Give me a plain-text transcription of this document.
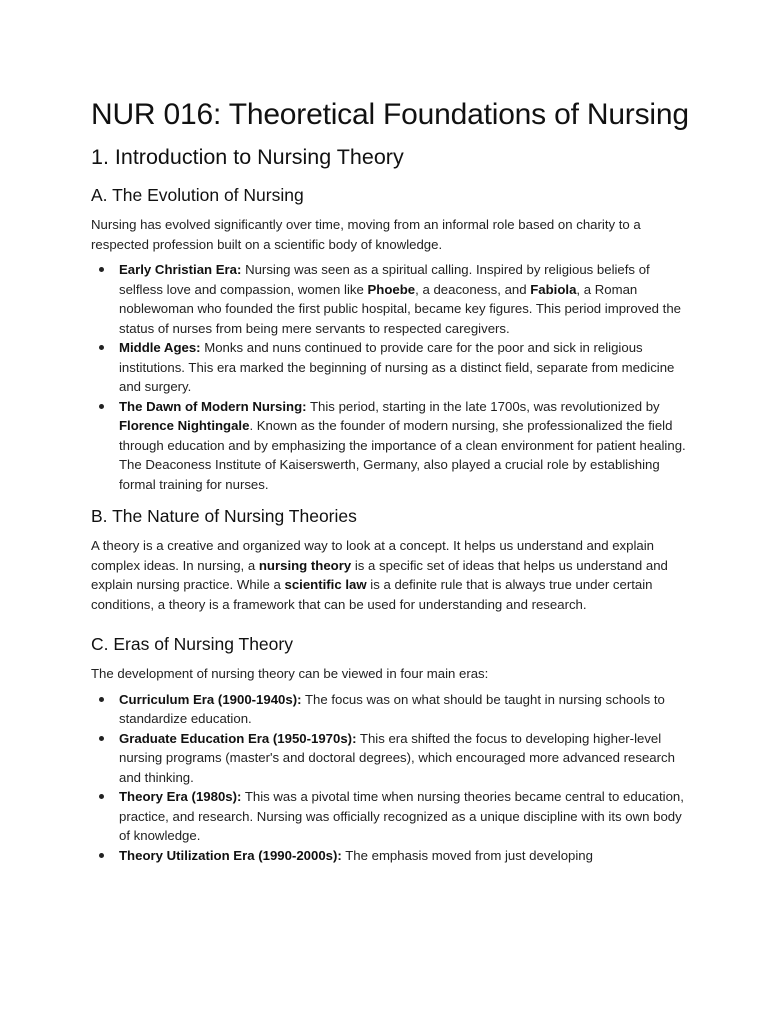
NUR 016: Theoretical Foundations of Nursing
1. Introduction to Nursing Theory
A. The Evolution of Nursing

Nursing has evolved significantly over time, moving from an informal role based on charity to a respected profession built on a scientific body of knowledge.

Early Christian Era: Nursing was seen as a spiritual calling. Inspired by religious beliefs of selfless love and compassion, women like Phoebe, a deaconess, and Fabiola, a Roman noblewoman who founded the first public hospital, became key figures. This period improved the status of nurses from being mere servants to respected caregivers.
Middle Ages: Monks and nuns continued to provide care for the poor and sick in religious institutions. This era marked the beginning of nursing as a distinct field, separate from medicine and surgery.
The Dawn of Modern Nursing: This period, starting in the late 1700s, was revolutionized by Florence Nightingale. Known as the founder of modern nursing, she professionalized the field through education and by emphasizing the importance of a clean environment for patient healing. The Deaconess Institute of Kaiserswerth, Germany, also played a crucial role by establishing formal training for nurses.
B. The Nature of Nursing Theories

A theory is a creative and organized way to look at a concept. It helps us understand and explain complex ideas. In nursing, a nursing theory is a specific set of ideas that helps us understand and explain nursing practice. While a scientific law is a definite rule that is always true under certain conditions, a theory is a framework that can be used for understanding and research.

C. Eras of Nursing Theory

The development of nursing theory can be viewed in four main eras:

Curriculum Era (1900-1940s): The focus was on what should be taught in nursing schools to standardize education.
Graduate Education Era (1950-1970s): This era shifted the focus to developing higher-level nursing programs (master's and doctoral degrees), which encouraged more advanced research and thinking.
Theory Era (1980s): This was a pivotal time when nursing theories became central to education, practice, and research. Nursing was officially recognized as a unique discipline with its own body of knowledge.
Theory Utilization Era (1990-2000s): The emphasis moved from just developing
